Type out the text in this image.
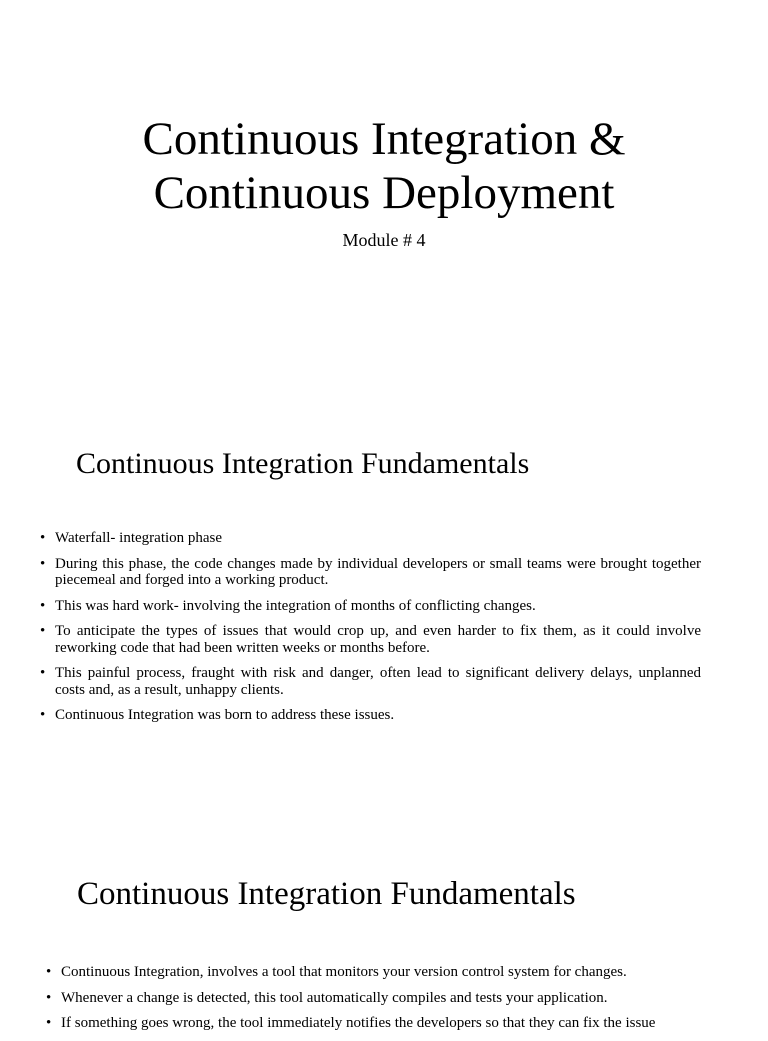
Continuous Integration &
Continuous Deployment
Module # 4
Continuous Integration Fundamentals
• Waterfall- integration phase
• During this phase, the code changes made by individual developers or small teams were brought together piecemeal and forged into a working product.
• This was hard work- involving the integration of months of conflicting changes.
• To anticipate the types of issues that would crop up, and even harder to fix them, as it could involve reworking code that had been written weeks or months before.
• This painful process, fraught with risk and danger, often lead to significant delivery delays, unplanned costs and, as a result, unhappy clients.
• Continuous Integration was born to address these issues.
Continuous Integration Fundamentals
• Continuous Integration, involves a tool that monitors your version control system for changes.
• Whenever a change is detected, this tool automatically compiles and tests your application.
• If something goes wrong, the tool immediately notifies the developers so that they can fix the issue
